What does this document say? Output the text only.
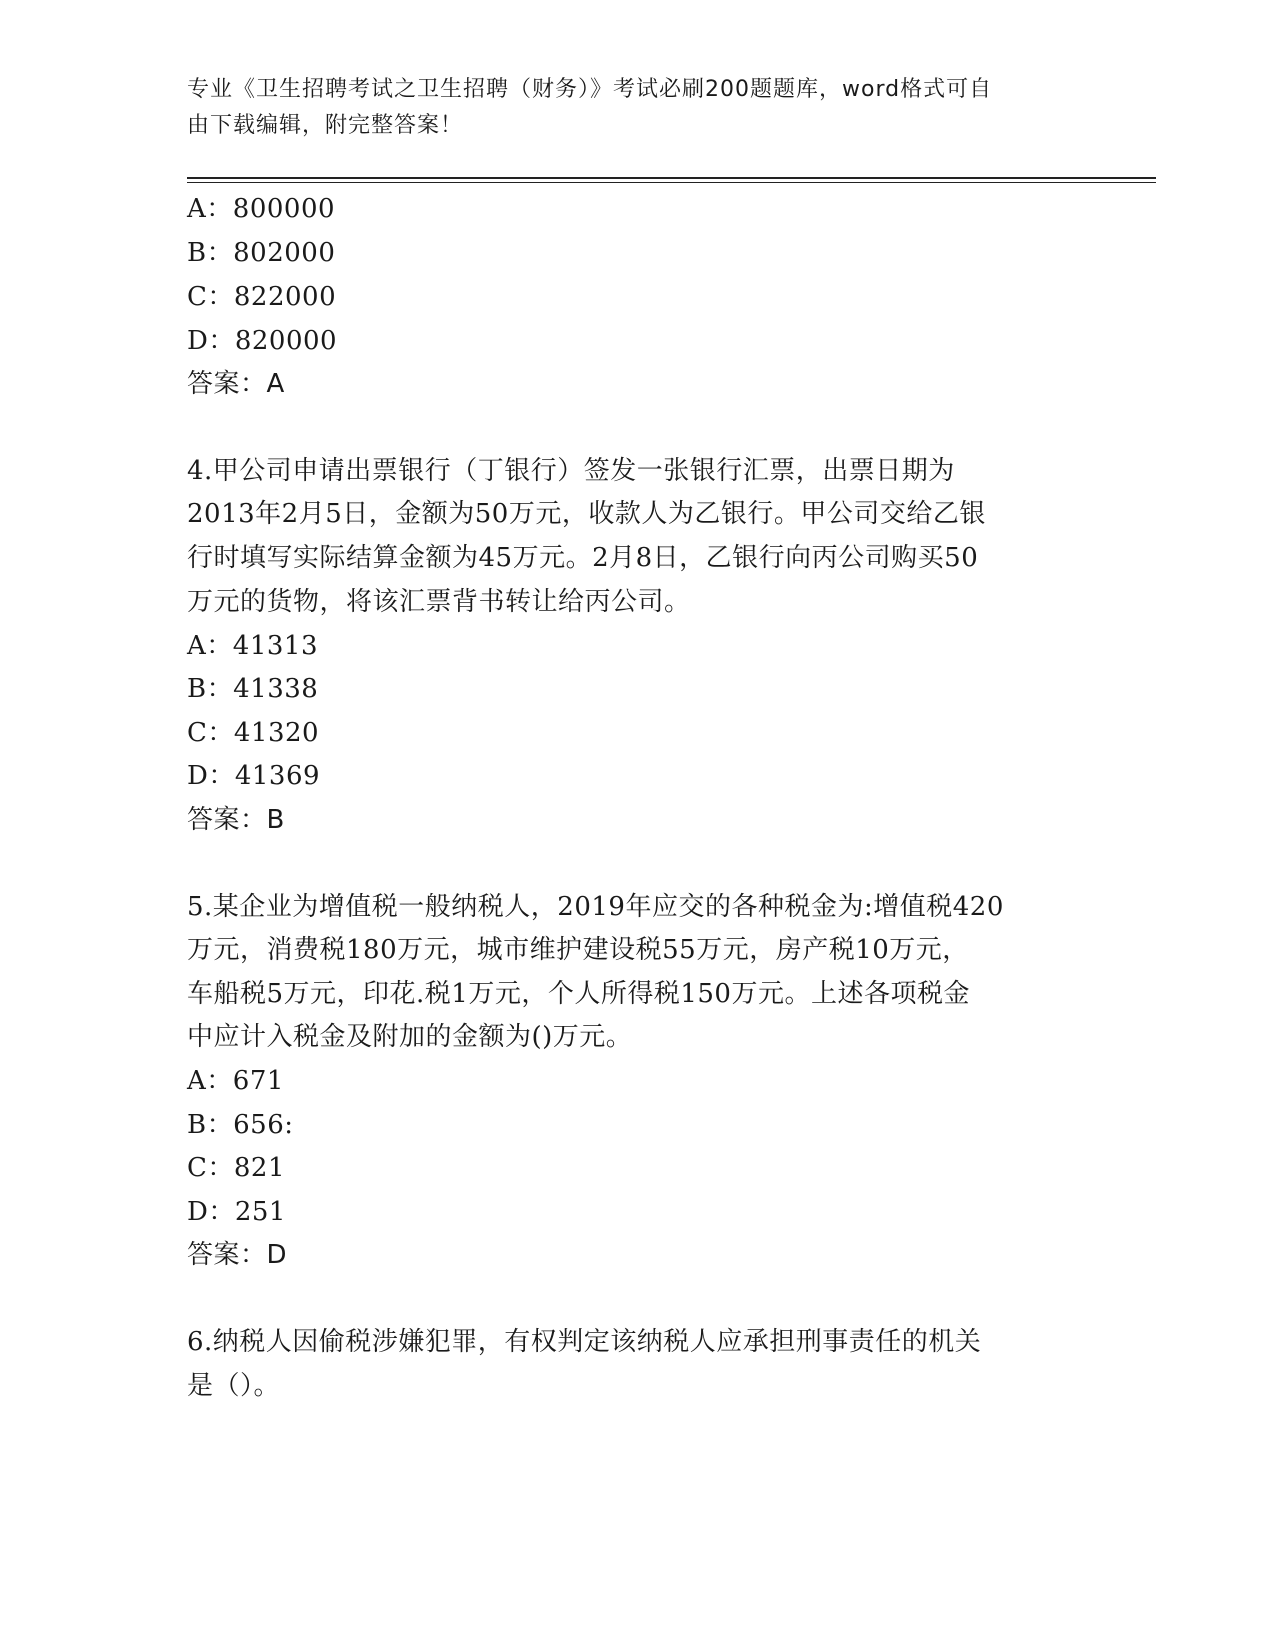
专业《卫生招聘考试之卫生招聘（财务）》考试必刷200题题库，word格式可自
由下载编辑，附完整答案！
A：800000
B：802000
C：822000
D：820000
答案：A
4.甲公司申请出票银行（丁银行）签发一张银行汇票，出票日期为
2013年2月5日，金额为50万元，收款人为乙银行。甲公司交给乙银
行时填写实际结算金额为45万元。2月8日，乙银行向丙公司购买50
万元的货物，将该汇票背书转让给丙公司。
A：41313
B：41338
C：41320
D：41369
答案：B
5.某企业为增值税一般纳税人，2019年应交的各种税金为:增值税420
万元，消费税180万元，城市维护建设税55万元，房产税10万元，
车船税5万元，印花.税1万元，个人所得税150万元。上述各项税金
中应计入税金及附加的金额为()万元。
A：671
B：656:
C：821
D：251
答案：D
6.纳税人因偷税涉嫌犯罪，有权判定该纳税人应承担刑事责任的机关
是（）。
